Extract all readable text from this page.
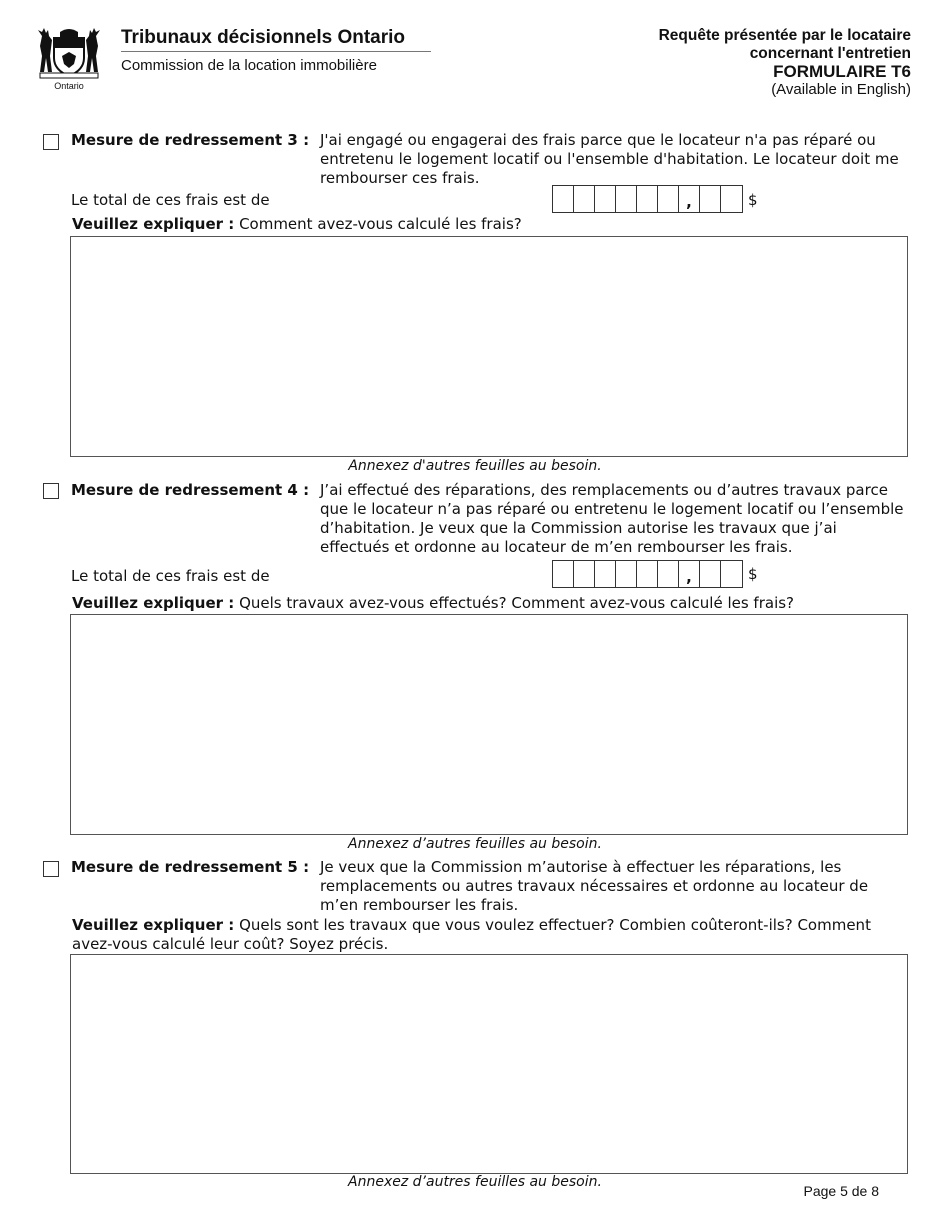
Ontario
Tribunaux décisionnels Ontario
Commission de la location immobilière
Requête présentée par le locataire
concernant l'entretien
FORMULAIRE T6
(Available in English)
Mesure de redressement 3 : J'ai engagé ou engagerai des frais parce que le locateur n'a pas réparé ou entretenu le logement locatif ou l'ensemble d'habitation. Le locateur doit me rembourser ces frais.
Le total de ces frais est de	,	$
Veuillez expliquer : Comment avez-vous calculé les frais?
Annexez d'autres feuilles au besoin.
Mesure de redressement 4 : J’ai effectué des réparations, des remplacements ou d’autres travaux parce que le locateur n’a pas réparé ou entretenu le logement locatif ou l’ensemble d’habitation. Je veux que la Commission autorise les travaux que j’ai effectués et ordonne au locateur de m’en rembourser les frais.
Le total de ces frais est de	,	$
Veuillez expliquer : Quels travaux avez-vous effectués? Comment avez-vous calculé les frais?
Annexez d’autres feuilles au besoin.
Mesure de redressement 5 : Je veux que la Commission m’autorise à effectuer les réparations, les remplacements ou autres travaux nécessaires et ordonne au locateur de m’en rembourser les frais.
Veuillez expliquer : Quels sont les travaux que vous voulez effectuer? Combien coûteront-ils? Comment avez-vous calculé leur coût? Soyez précis.
Annexez d’autres feuilles au besoin.
Page 5 de 8
